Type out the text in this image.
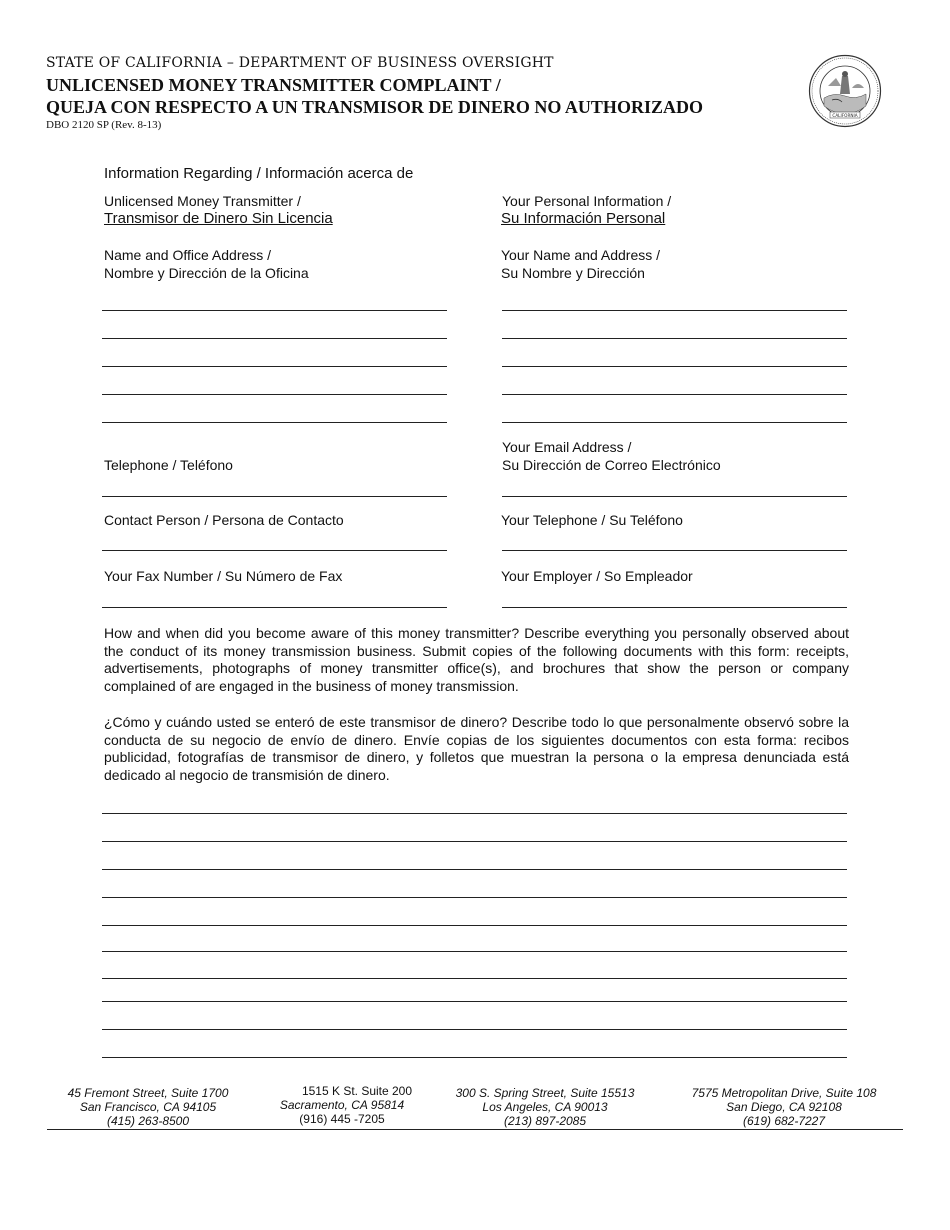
STATE OF CALIFORNIA – DEPARTMENT OF BUSINESS OVERSIGHT
UNLICENSED MONEY TRANSMITTER COMPLAINT /
QUEJA CON RESPECTO A UN TRANSMISOR DE DINERO NO AUTHORIZADO
DBO 2120 SP (Rev. 8-13)
CALIFORNIA
Information Regarding / Información acerca de
Unlicensed Money Transmitter /
Transmisor de Dinero Sin Licencia
Your Personal Information /
Su Información Personal
Name and Office Address /
Nombre y Dirección de la Oficina
Telephone / Teléfono
Contact Person / Persona de Contacto
Your Fax Number / Su Número de Fax
Your Name and Address /
Su Nombre y Dirección
Your Email Address /
Su Dirección de Correo Electrónico
Your Telephone / Su Teléfono
Your Employer / So Empleador
How and when did you become aware of this money transmitter? Describe everything you personally observed about the conduct of its money transmission business. Submit copies of the following documents with this form: receipts, advertisements, photographs of money transmitter office(s), and brochures that show the person or company complained of are engaged in the business of money transmission.
¿Cómo y cuándo usted se enteró de este transmisor de dinero? Describe todo lo que personalmente observó sobre la conducta de su negocio de envío de dinero. Envíe copias de los siguientes documentos con esta forma: recibos publicidad, fotografías de transmisor de dinero, y folletos que muestran la persona o la empresa denunciada está dedicado al negocio de transmisión de dinero.
45 Fremont Street, Suite 1700
San Francisco, CA 94105
(415) 263-8500
1515 K St. Suite 200
Sacramento, CA 95814
(916) 445 -7205
300 S. Spring Street, Suite 15513
Los Angeles, CA 90013
(213) 897-2085
7575 Metropolitan Drive, Suite 108
San Diego, CA 92108
(619) 682-7227
